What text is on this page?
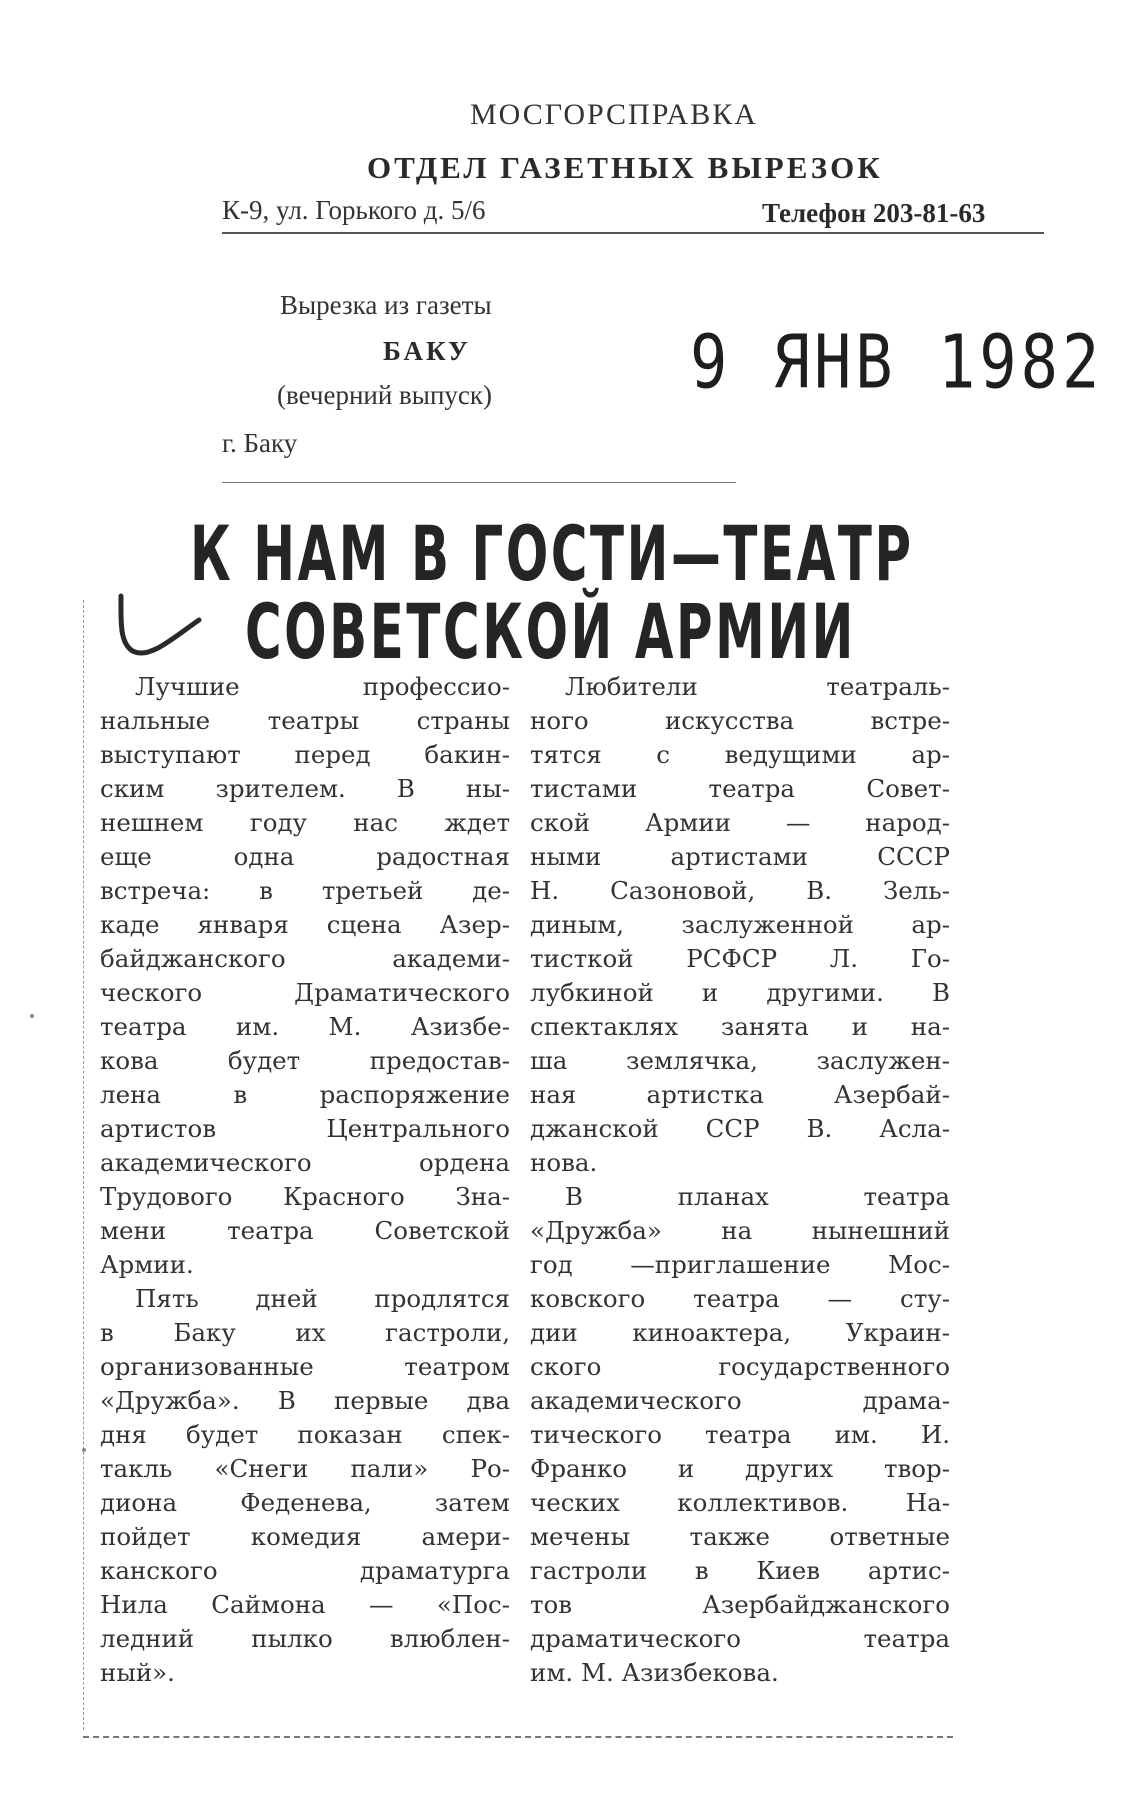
МОСГОРСПРАВКА
ОТДЕЛ ГАЗЕТНЫХ ВЫРЕЗОК
К-9, ул. Горького д. 5/6	Телефон 203-81-63
Вырезка из газеты
БАКУ
(вечерний выпуск)
г. Баку
9 ЯНВ 1982
К НАМ В ГОСТИ—ТЕАТР
СОВЕТСКОЙ АРМИИ
Лучшие профессио-
нальные театры страны
выступают перед бакин-
ским зрителем. В ны-
нешнем году нас ждет
еще одна радостная
встреча: в третьей де-
каде января сцена Азер-
байджанского академи-
ческого Драматического
театра им. М. Азизбе-
кова будет предостав-
лена в распоряжение
артистов Центрального
академического ордена
Трудового Красного Зна-
мени театра Советской
Армии.
Пять дней продлятся
в Баку их гастроли,
организованные театром
«Дружба». В первые два
дня будет показан спек-
такль «Снеги пали» Ро-
диона Феденева, затем
пойдет комедия амери-
канского драматурга
Нила Саймона — «Пос-
ледний пылко влюблен-
ный».
Любители театраль-
ного искусства встре-
тятся с ведущими ар-
тистами театра Совет-
ской Армии — народ-
ными артистами СССР
Н. Сазоновой, В. Зель-
диным, заслуженной ар-
тисткой РСФСР Л. Го-
лубкиной и другими. В
спектаклях занята и на-
ша землячка, заслужен-
ная артистка Азербай-
джанской ССР В. Асла-
нова.
В планах театра
«Дружба» на нынешний
год —приглашение Мос-
ковского театра — сту-
дии киноактера, Украин-
ского государственного
академического драма-
тического театра им. И.
Франко и других твор-
ческих коллективов. На-
мечены также ответные
гастроли в Киев артис-
тов Азербайджанского
драматического театра
им. М. Азизбекова.
